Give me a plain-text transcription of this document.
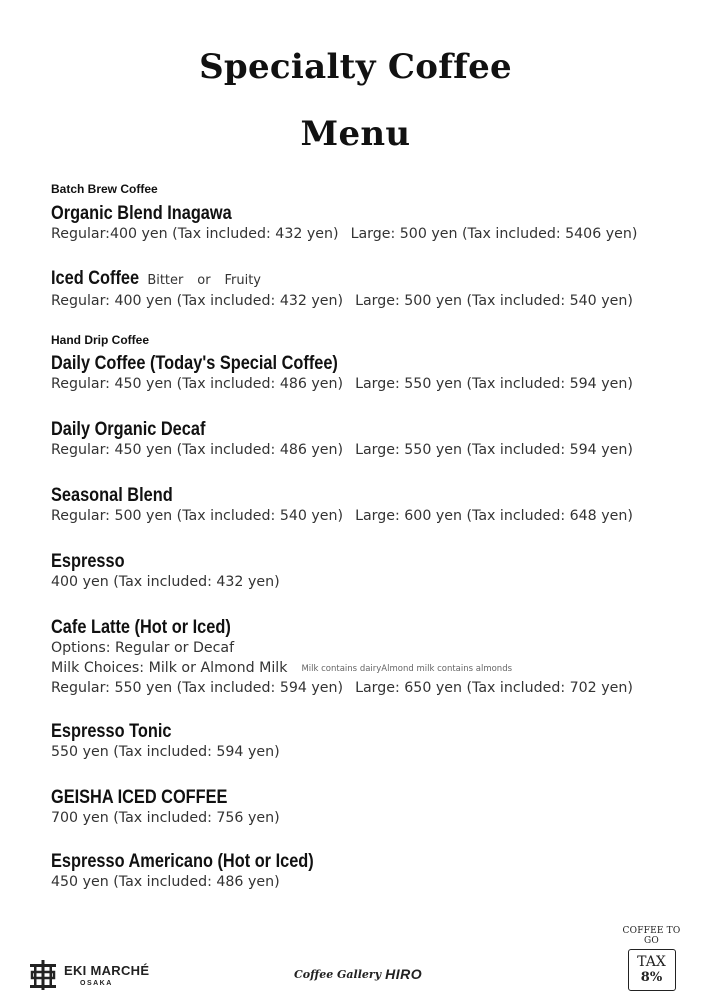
Specialty Coffee
Menu
Batch Brew Coffee
Organic Blend Inagawa
Regular:400 yen (Tax included: 432 yen) Large: 500 yen (Tax included: 5406 yen)
Iced Coffee Bitter or Fruity
Regular: 400 yen (Tax included: 432 yen) Large: 500 yen (Tax included: 540 yen)
Hand Drip Coffee
Daily Coffee (Today's Special Coffee)
Regular: 450 yen (Tax included: 486 yen) Large: 550 yen (Tax included: 594 yen)
Daily Organic Decaf
Regular: 450 yen (Tax included: 486 yen) Large: 550 yen (Tax included: 594 yen)
Seasonal Blend
Regular: 500 yen (Tax included: 540 yen) Large: 600 yen (Tax included: 648 yen)
Espresso
400 yen (Tax included: 432 yen)
Cafe Latte (Hot or Iced)
Options: Regular or Decaf
Milk Choices: Milk or Almond Milk Milk contains dairyAlmond milk contains almonds
Regular: 550 yen (Tax included: 594 yen) Large: 650 yen (Tax included: 702 yen)
Espresso Tonic
550 yen (Tax included: 594 yen)
GEISHA ICED COFFEE
700 yen (Tax included: 756 yen)
Espresso Americano (Hot or Iced)
450 yen (Tax included: 486 yen)
EKI MARCHÉ
OSAKA
Coffee Gallery HIRO
COFFEE TO GO
TAX
8%
